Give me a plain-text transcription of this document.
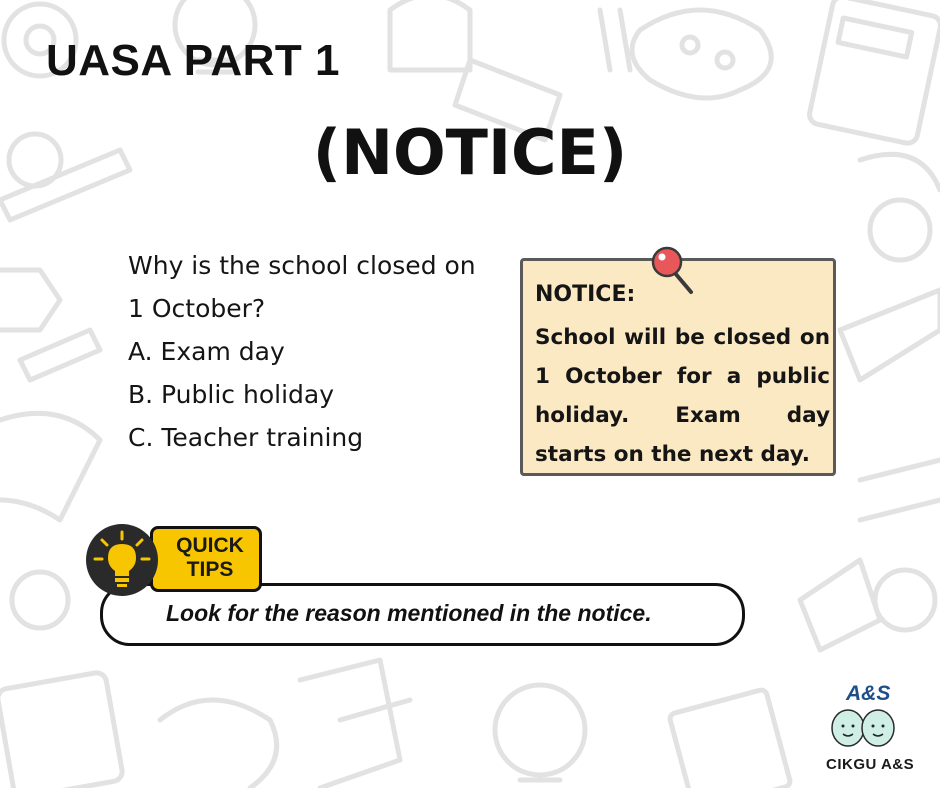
UASA PART 1
(NOTICE)
Why is the school closed on
1 October?
A. Exam day
B. Public holiday
C. Teacher training
NOTICE:
School will be closed on 1 October for a public holiday. Exam day starts on the next day.
Look for the reason mentioned in the notice.
QUICK
TIPS
A&S
CIKGU A&S
